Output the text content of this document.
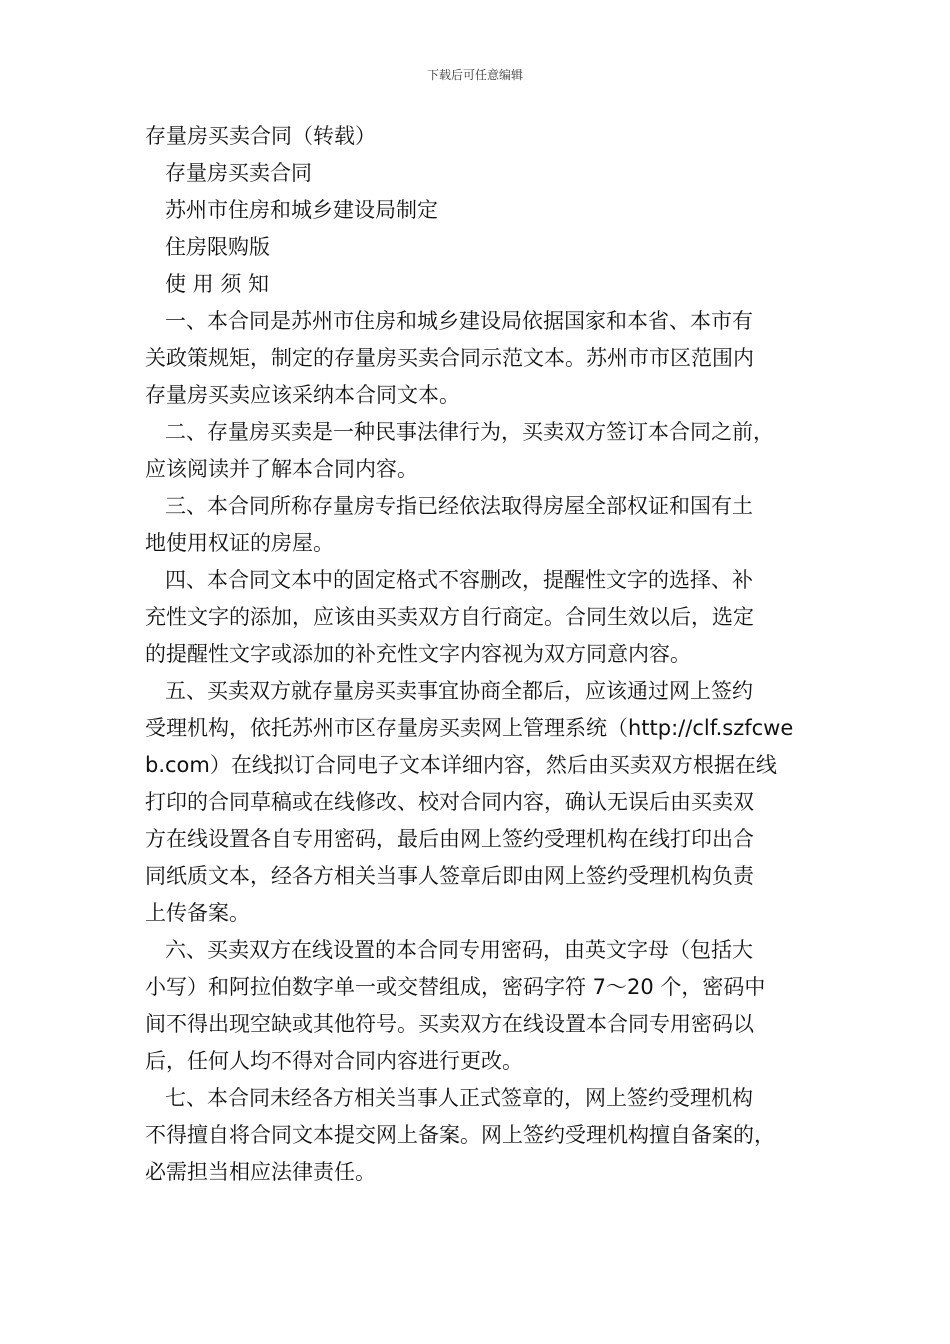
下载后可任意编辑
存量房买卖合同（转载）
存量房买卖合同
苏州市住房和城乡建设局制定
住房限购版
使 用 须 知
一、本合同是苏州市住房和城乡建设局依据国家和本省、本市有
关政策规矩，制定的存量房买卖合同示范文本。苏州市市区范围内
存量房买卖应该采纳本合同文本。
二、存量房买卖是一种民事法律行为，买卖双方签订本合同之前，
应该阅读并了解本合同内容。
三、本合同所称存量房专指已经依法取得房屋全部权证和国有土
地使用权证的房屋。
四、本合同文本中的固定格式不容删改，提醒性文字的选择、补
充性文字的添加，应该由买卖双方自行商定。合同生效以后，选定
的提醒性文字或添加的补充性文字内容视为双方同意内容。
五、买卖双方就存量房买卖事宜协商全都后，应该通过网上签约
受理机构，依托苏州市区存量房买卖网上管理系统（http://clf.szfcwe
b.com）在线拟订合同电子文本详细内容，然后由买卖双方根据在线
打印的合同草稿或在线修改、校对合同内容，确认无误后由买卖双
方在线设置各自专用密码，最后由网上签约受理机构在线打印出合
同纸质文本，经各方相关当事人签章后即由网上签约受理机构负责
上传备案。
六、买卖双方在线设置的本合同专用密码，由英文字母（包括大
小写）和阿拉伯数字单一或交替组成，密码字符 7～20 个，密码中
间不得出现空缺或其他符号。买卖双方在线设置本合同专用密码以
后，任何人均不得对合同内容进行更改。
七、本合同未经各方相关当事人正式签章的，网上签约受理机构
不得擅自将合同文本提交网上备案。网上签约受理机构擅自备案的，
必需担当相应法律责任。
